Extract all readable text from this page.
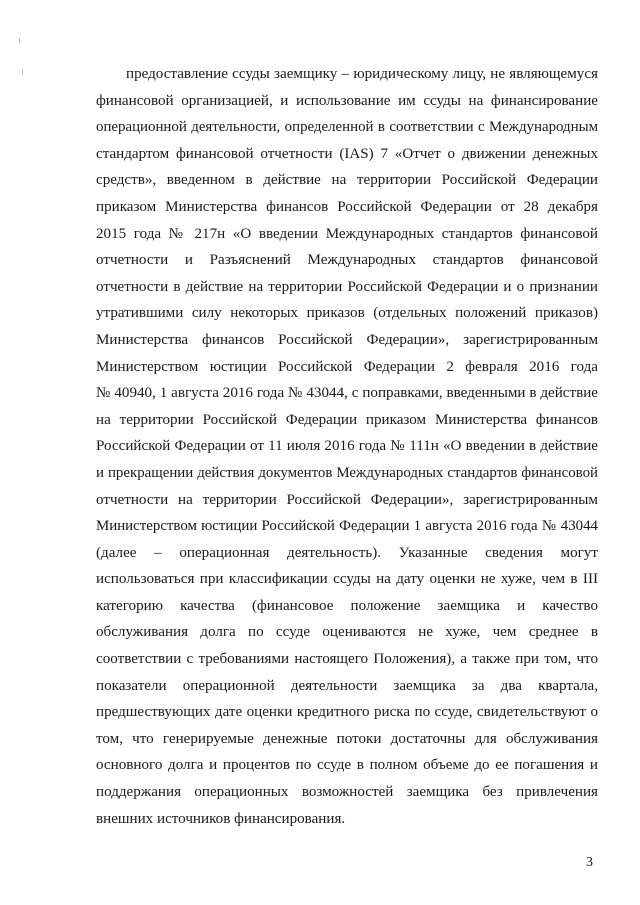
предоставление ссуды заемщику – юридическому лицу, не являющемуся
финансовой организацией, и использование им ссуды на финансирование
операционной деятельности, определенной в соответствии с Международным
стандартом финансовой отчетности (IAS) 7 «Отчет о движении денежных
средств», введенном в действие на территории Российской Федерации
приказом Министерства финансов Российской Федерации от 28 декабря
2015 года № 217н «О введении Международных стандартов финансовой
отчетности и Разъяснений Международных стандартов финансовой
отчетности в действие на территории Российской Федерации и о признании
утратившими силу некоторых приказов (отдельных положений приказов)
Министерства финансов Российской Федерации», зарегистрированным
Министерством юстиции Российской Федерации 2 февраля 2016 года
№ 40940, 1 августа 2016 года № 43044, с поправками, введенными в действие
на территории Российской Федерации приказом Министерства финансов
Российской Федерации от 11 июля 2016 года № 111н «О введении в действие
и прекращении действия документов Международных стандартов финансовой
отчетности на территории Российской Федерации», зарегистрированным
Министерством юстиции Российской Федерации 1 августа 2016 года № 43044
(далее – операционная деятельность). Указанные сведения могут
использоваться при классификации ссуды на дату оценки не хуже, чем в III
категорию качества (финансовое положение заемщика и качество
обслуживания долга по ссуде оцениваются не хуже, чем среднее в
соответствии с требованиями настоящего Положения), а также при том, что
показатели операционной деятельности заемщика за два квартала,
предшествующих дате оценки кредитного риска по ссуде, свидетельствуют о
том, что генерируемые денежные потоки достаточны для обслуживания
основного долга и процентов по ссуде в полном объеме до ее погашения и
поддержания операционных возможностей заемщика без привлечения
внешних источников финансирования.
3
